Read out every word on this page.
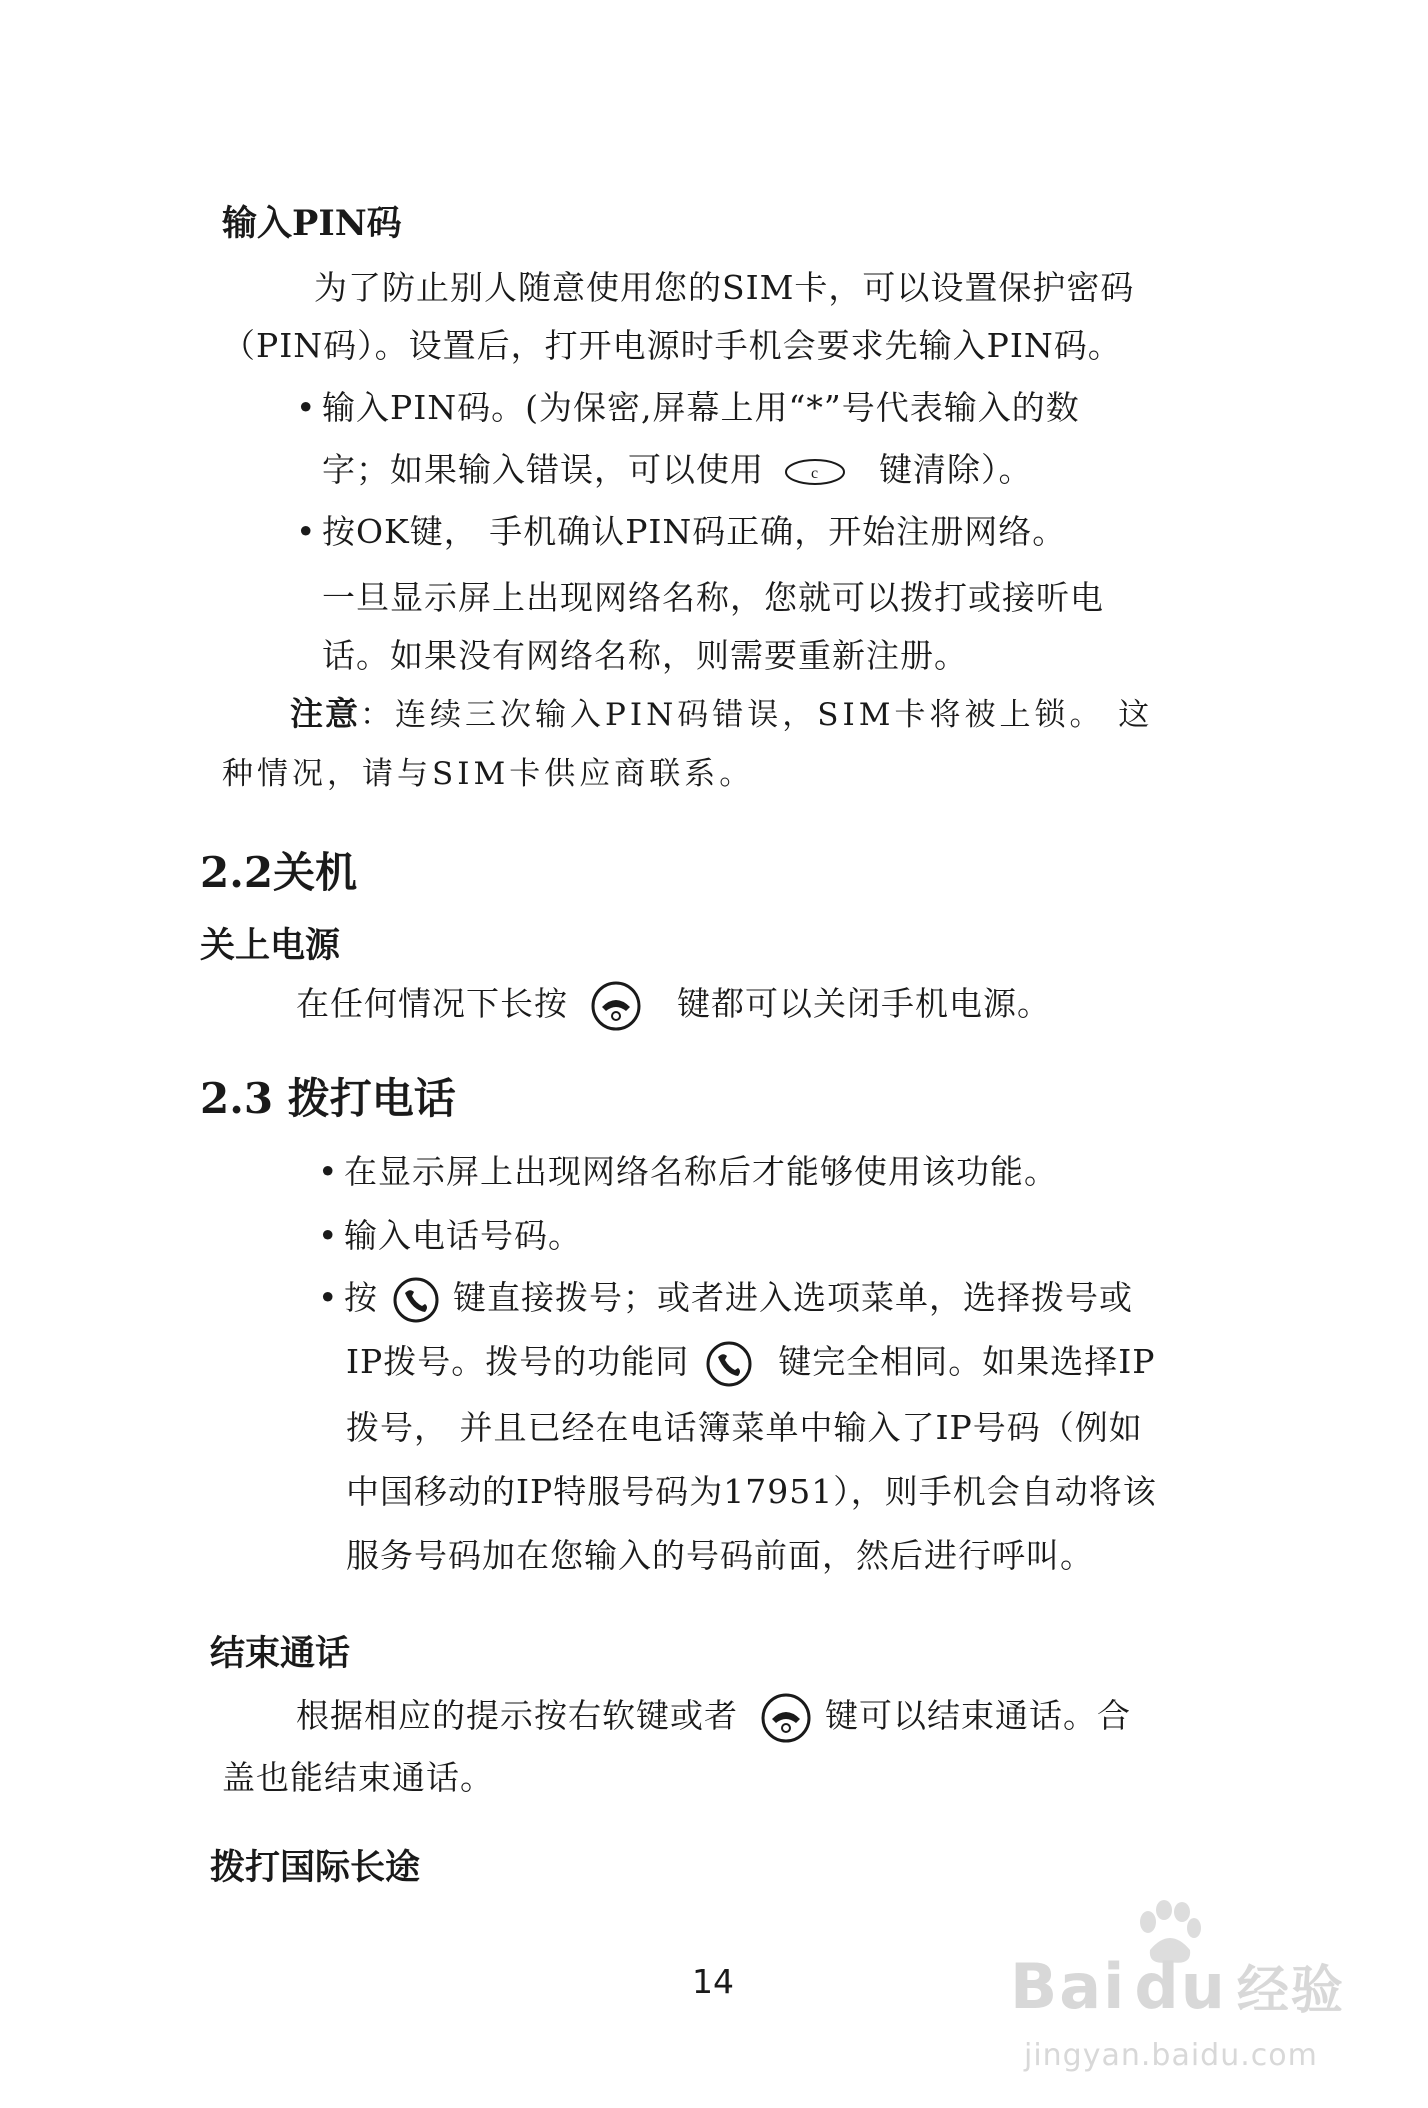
输入PIN码
为了防止别人随意使用您的SIM卡，可以设置保护密码
（PIN码）。设置后，打开电源时手机会要求先输入PIN码。
• 输入PIN码。(为保密,屏幕上用“*”号代表输入的数
字；如果输入错误，可以使用	c 键清除）。
• 按OK键， 手机确认PIN码正确，开始注册网络。
一旦显示屏上出现网络名称，您就可以拨打或接听电
话。如果没有网络名称，则需要重新注册。
注意：连续三次输入PIN码错误，SIM卡将被上锁。 这
种情况，请与SIM卡供应商联系。
2.2关机
关上电源
在任何情况下长按	键都可以关闭手机电源。
2.3 拨打电话
• 在显示屏上出现网络名称后才能够使用该功能。
• 输入电话号码。
• 按 键直接拨号；或者进入选项菜单，选择拨号或
IP拨号。拨号的功能同	键完全相同。如果选择IP
拨号， 并且已经在电话簿菜单中输入了IP号码（例如
中国移动的IP特服号码为17951），则手机会自动将该
服务号码加在您输入的号码前面，然后进行呼叫。
结束通话
根据相应的提示按右软键或者	键可以结束通话。合
盖也能结束通话。
拨打国际长途
14	Bai du 经验
jingyan.baidu.com
